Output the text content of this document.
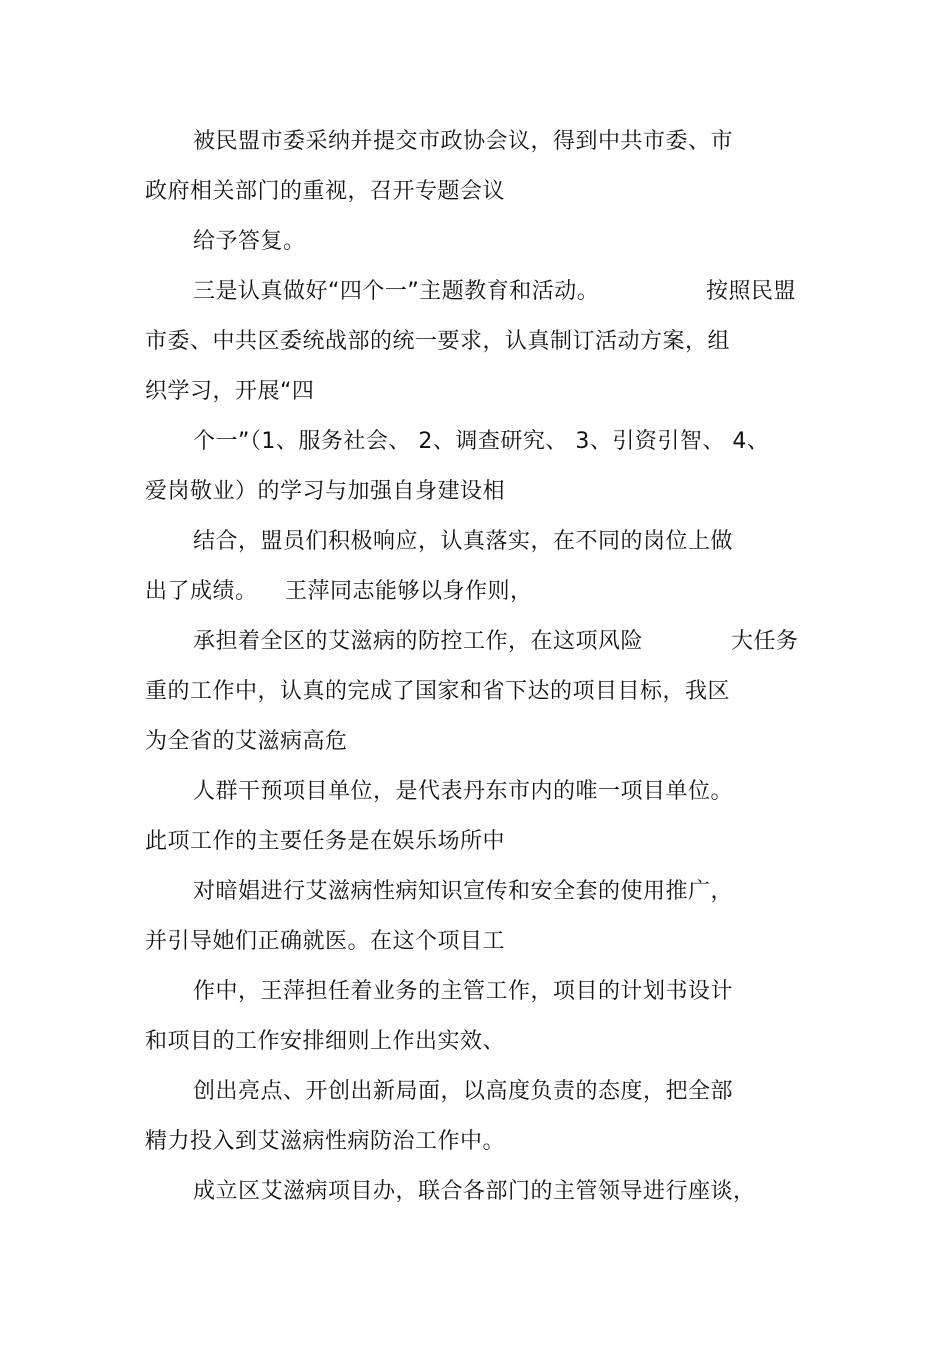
被民盟市委采纳并提交市政协会议，得到中共市委、市
政府相关部门的重视，召开专题会议
给予答复。
三是认真做好“四个一”主题教育和活动。	按照民盟
市委、中共区委统战部的统一要求，认真制订活动方案，组
织学习，开展“四
个一”（1、服务社会、 2、调查研究、 3、引资引智、 4、
爱岗敬业）的学习与加强自身建设相
结合，盟员们积极响应，认真落实，在不同的岗位上做
出了成绩。 王萍同志能够以身作则，
承担着全区的艾滋病的防控工作，在这项风险	大任务
重的工作中，认真的完成了国家和省下达的项目目标，我区
为全省的艾滋病高危
人群干预项目单位，是代表丹东市内的唯一项目单位。
此项工作的主要任务是在娱乐场所中
对暗娼进行艾滋病性病知识宣传和安全套的使用推广，
并引导她们正确就医。在这个项目工
作中，王萍担任着业务的主管工作，项目的计划书设计
和项目的工作安排细则上作出实效、
创出亮点、开创出新局面，以高度负责的态度，把全部
精力投入到艾滋病性病防治工作中。
成立区艾滋病项目办，联合各部门的主管领导进行座谈，
